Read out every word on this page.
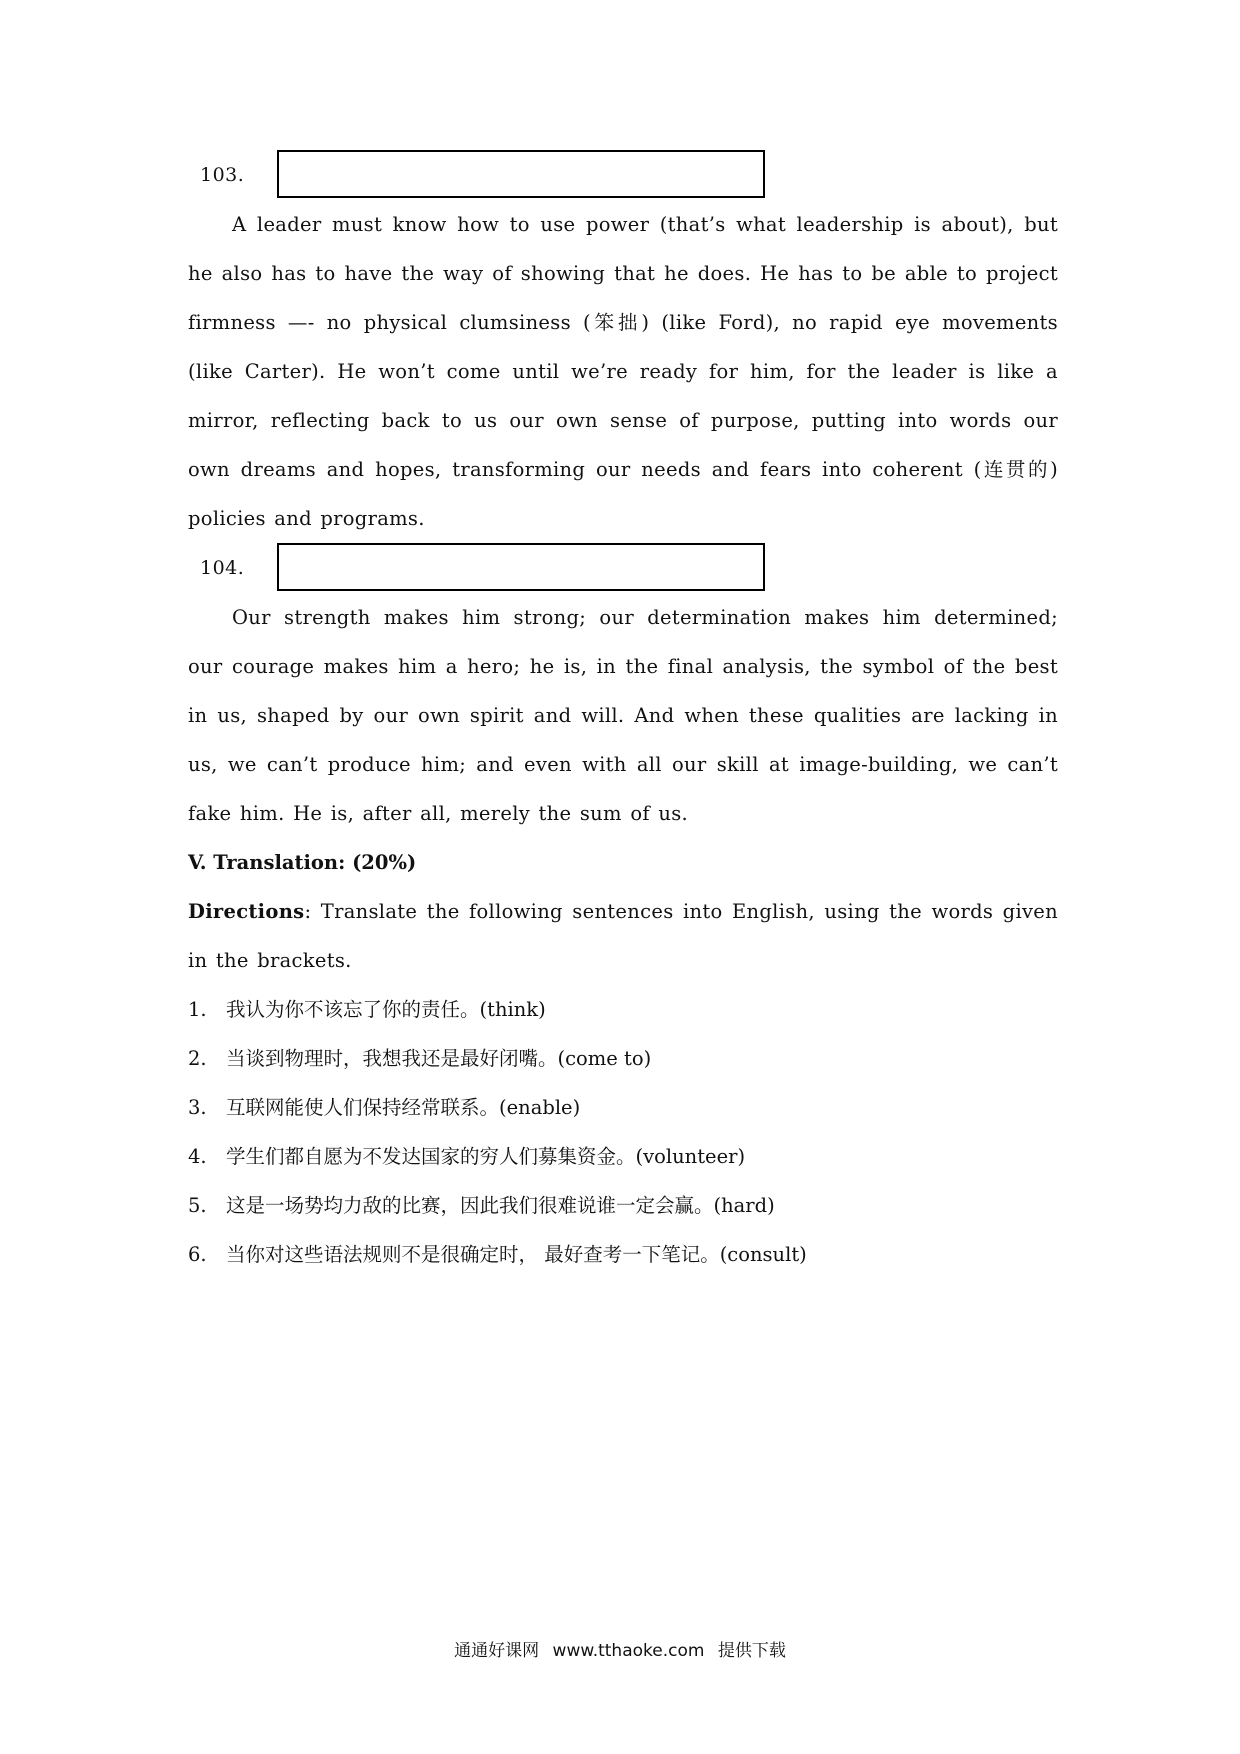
103.

A leader must know how to use power (that’s what leadership is about), but he also has to have the way of showing that he does. He has to be able to project firmness —- no physical clumsiness (笨拙) (like Ford), no rapid eye movements (like Carter). He won’t come until we’re ready for him, for the leader is like a mirror, reflecting back to us our own sense of purpose, putting into words our own dreams and hopes, transforming our needs and fears into coherent (连贯的) policies and programs.

104.

Our strength makes him strong; our determination makes him determined; our courage makes him a hero; he is, in the final analysis, the symbol of the best in us, shaped by our own spirit and will. And when these qualities are lacking in us, we can’t produce him; and even with all our skill at image-building, we can’t fake him. He is, after all, merely the sum of us.

V. Translation: (20%)

Directions: Translate the following sentences into English, using the words given in the brackets.

1. 我认为你不该忘了你的责任。(think)
2. 当谈到物理时，我想我还是最好闭嘴。(come to)
3. 互联网能使人们保持经常联系。(enable)
4. 学生们都自愿为不发达国家的穷人们募集资金。(volunteer)
5. 这是一场势均力敌的比赛，因此我们很难说谁一定会赢。(hard)
6. 当你对这些语法规则不是很确定时， 最好查考一下笔记。(consult)
通通好课网 www.tthaoke.com 提供下载
